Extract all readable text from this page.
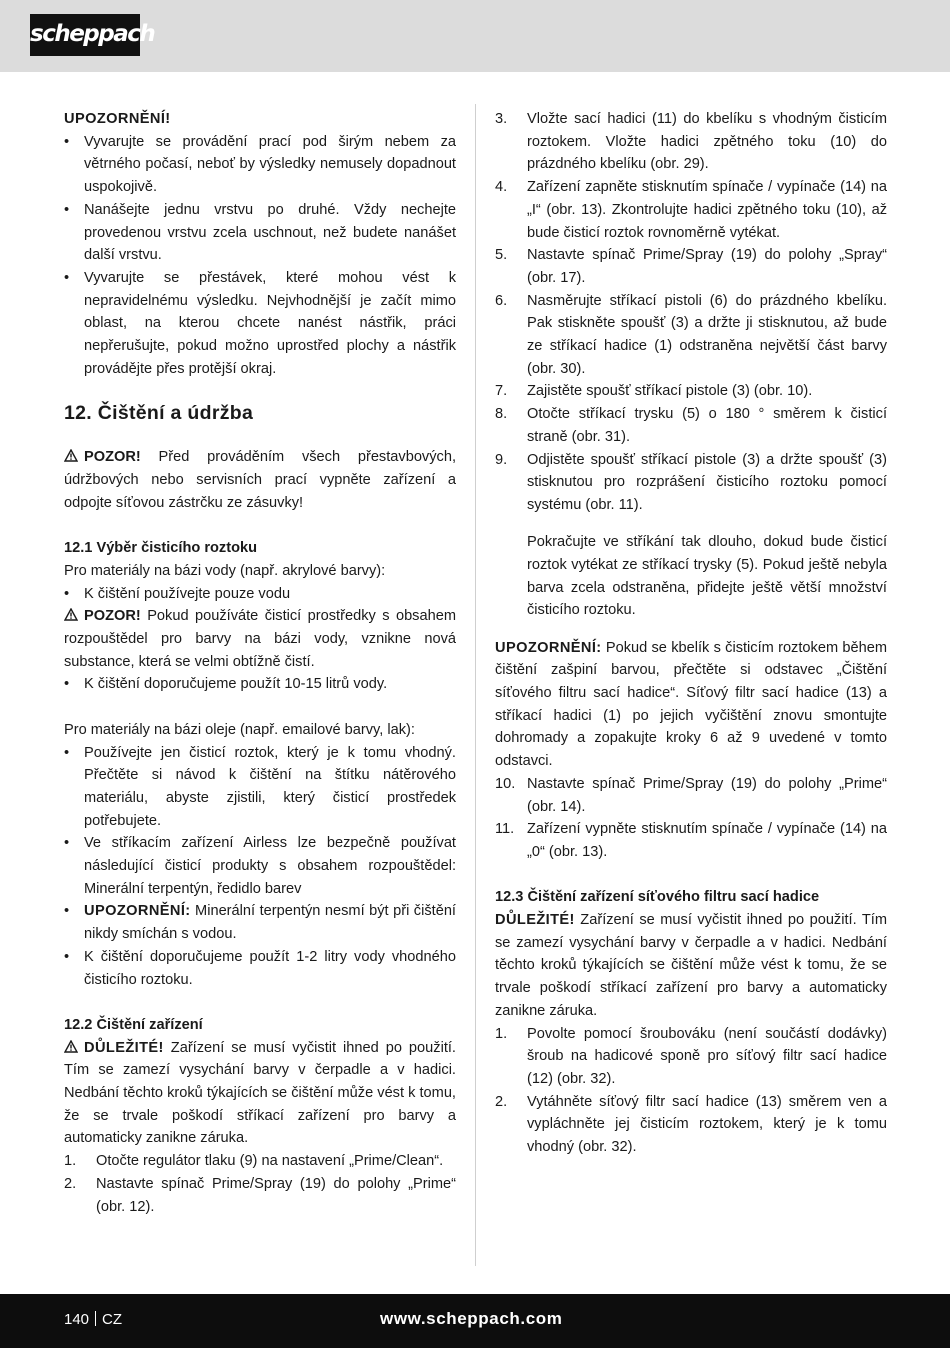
scheppach

UPOZORNĚNÍ!

• Vyvarujte se provádění prací pod širým nebem za větrného počasí, neboť by výsledky nemusely dopadnout uspokojivě.
• Nanášejte jednu vrstvu po druhé. Vždy nechejte provedenou vrstvu zcela uschnout, než budete nanášet další vrstvu.
• Vyvarujte se přestávek, které mohou vést k nepravidelnému výsledku. Nejvhodnější je začít mimo oblast, na kterou chcete nanést nástřik, práci nepřerušujte, pokud možno uprostřed plochy a nástřik provádějte přes protější okraj.
12. Čištění a údržba

POZOR! Před prováděním všech přestavbových, údržbových nebo servisních prací vypněte zařízení a odpojte síťovou zástrčku ze zásuvky!

12.1 Výběr čisticího roztoku

Pro materiály na bázi vody (např. akrylové barvy):

• K čištění používejte pouze vodu

POZOR! Pokud používáte čisticí prostředky s obsahem rozpouštědel pro barvy na bázi vody, vznikne nová substance, která se velmi obtížně čistí.

• K čištění doporučujeme použít 10-15 litrů vody.

Pro materiály na bázi oleje (např. emailové barvy, lak):

• Používejte jen čisticí roztok, který je k tomu vhodný. Přečtěte si návod k čištění na štítku nátěrového materiálu, abyste zjistili, který čisticí prostředek potřebujete.
• Ve stříkacím zařízení Airless lze bezpečně používat následující čisticí produkty s obsahem rozpouštědel: Minerální terpentýn, ředidlo barev
• UPOZORNĚNÍ: Minerální terpentýn nesmí být při čištění nikdy smíchán s vodou.
• K čištění doporučujeme použít 1-2 litry vody vhodného čisticího roztoku.

12.2 Čištění zařízení

DŮLEŽITÉ! Zařízení se musí vyčistit ihned po použití. Tím se zamezí vysychání barvy v čerpadle a v hadici. Nedbání těchto kroků týkajících se čištění může vést k tomu, že se trvale poškodí stříkací zařízení pro barvy a automaticky zanikne záruka.

1. Otočte regulátor tlaku (9) na nastavení „Prime/Clean“.
2. Nastavte spínač Prime/Spray (19) do polohy „Prime“ (obr. 12).
3. Vložte sací hadici (11) do kbelíku s vhodným čisticím roztokem. Vložte hadici zpětného toku (10) do prázdného kbelíku (obr. 29).
4. Zařízení zapněte stisknutím spínače / vypínače (14) na „I“ (obr. 13). Zkontrolujte hadici zpětného toku (10), až bude čisticí roztok rovnoměrně vytékat.
5. Nastavte spínač Prime/Spray (19) do polohy „Spray“ (obr. 17).
6. Nasměrujte stříkací pistoli (6) do prázdného kbelíku. Pak stiskněte spoušť (3) a držte ji stisknutou, až bude ze stříkací hadice (1) odstraněna největší část barvy (obr. 30).
7. Zajistěte spoušť stříkací pistole (3) (obr. 10).
8. Otočte stříkací trysku (5) o 180 ° směrem k čisticí straně (obr. 31).
9. Odjistěte spoušť stříkací pistole (3) a držte spoušť (3) stisknutou pro rozprášení čisticího roztoku pomocí systému (obr. 11).

Pokračujte ve stříkání tak dlouho, dokud bude čisticí roztok vytékat ze stříkací trysky (5). Pokud ještě nebyla barva zcela odstraněna, přidejte ještě větší množství čisticího roztoku.

UPOZORNĚNÍ: Pokud se kbelík s čisticím roztokem během čištění zašpiní barvou, přečtěte si odstavec „Čištění síťového filtru sací hadice“. Síťový filtr sací hadice (13) a stříkací hadici (1) po jejich vyčištění znovu smontujte dohromady a zopakujte kroky 6 až 9 uvedené v tomto odstavci.

10. Nastavte spínač Prime/Spray (19) do polohy „Prime“ (obr. 14).
11. Zařízení vypněte stisknutím spínače / vypínače (14) na „0“ (obr. 13).

12.3 Čištění zařízení síťového filtru sací hadice

DŮLEŽITÉ! Zařízení se musí vyčistit ihned po použití. Tím se zamezí vysychání barvy v čerpadle a v hadici. Nedbání těchto kroků týkajících se čištění může vést k tomu, že se trvale poškodí stříkací zařízení pro barvy a automaticky zanikne záruka.

1. Povolte pomocí šroubováku (není součástí dodávky) šroub na hadicové sponě pro síťový filtr sací hadice (12) (obr. 32).
2. Vytáhněte síťový filtr sací hadice (13) směrem ven a vypláchněte jej čisticím roztokem, který je k tomu vhodný (obr. 32).
140 CZ	www.scheppach.com
